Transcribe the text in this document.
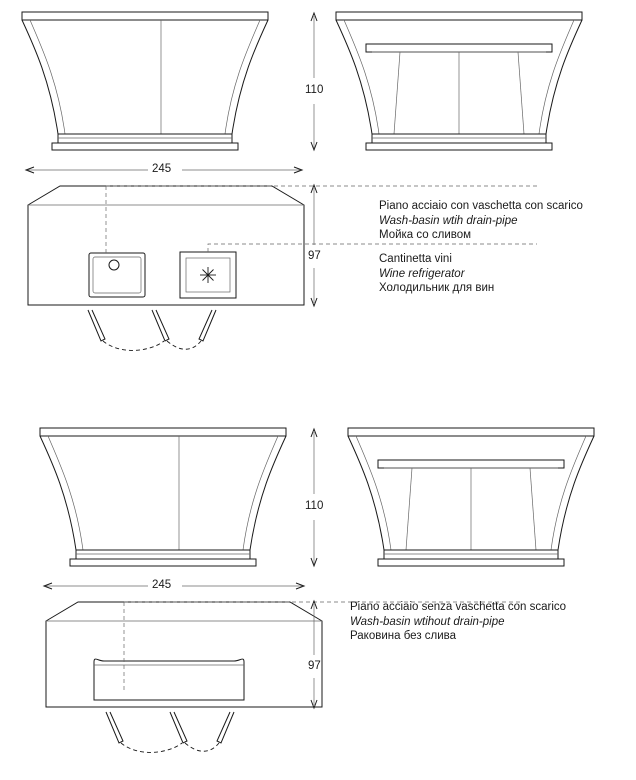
110
245
97
110
245
97
Piano acciaio con vaschetta con scarico
Wash-basin wtih drain-pipe
Мойка со сливом
Cantinetta vini
Wine refrigerator
Холодильник для вин
Piano acciaio senza vaschetta con scarico
Wash-basin wtihout drain-pipe
Раковина без слива
